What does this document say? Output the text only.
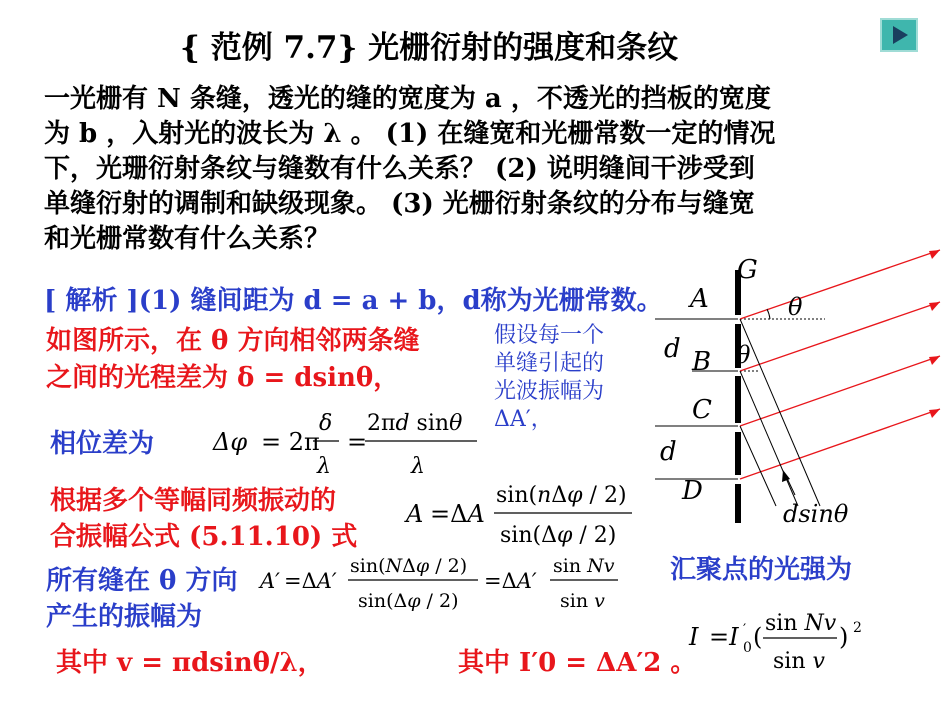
{ 范例 7.7} 光栅衍射的强度和条纹
一光栅有 N 条缝，透光的缝的宽度为 a ，不透光的挡板的宽度
为 b ，入射光的波长为 λ 。 (1) 在缝宽和光栅常数一定的情况
下，光珊衍射条纹与缝数有什么关系？ (2) 说明缝间干涉受到
单缝衍射的调制和缺级现象。 (3) 光栅衍射条纹的分布与缝宽
和光栅常数有什么关系？
[ 解析 ](1) 缝间距为 d = a + b，d称为光栅常数。
如图所示，在 θ 方向相邻两条缝
之间的光程差为 δ = dsinθ，
假设每一个
单缝引起的
光波振幅为
ΔA′，
相位差为 Δφ = 2π
δ
λ
=
2πd sinθ
λ
根据多个等幅同频振动的
合振幅公式 (5.11.10) 式
A =ΔA
sin(nΔφ / 2)
sin(Δφ / 2)
所有缝在 θ 方向
产生的振幅为
A′ =ΔA′
sin(NΔφ / 2)
sin(Δφ / 2)
=ΔA′
sin Nv
sin v
其中 v = πdsinθ/λ，	其中 I′0 = ΔA′2 。
汇聚点的光强为
I =I ′
0 ( sin Nv
sin v
) 2
G
A
B
C
D
d
d
θ
θ
dsinθ
